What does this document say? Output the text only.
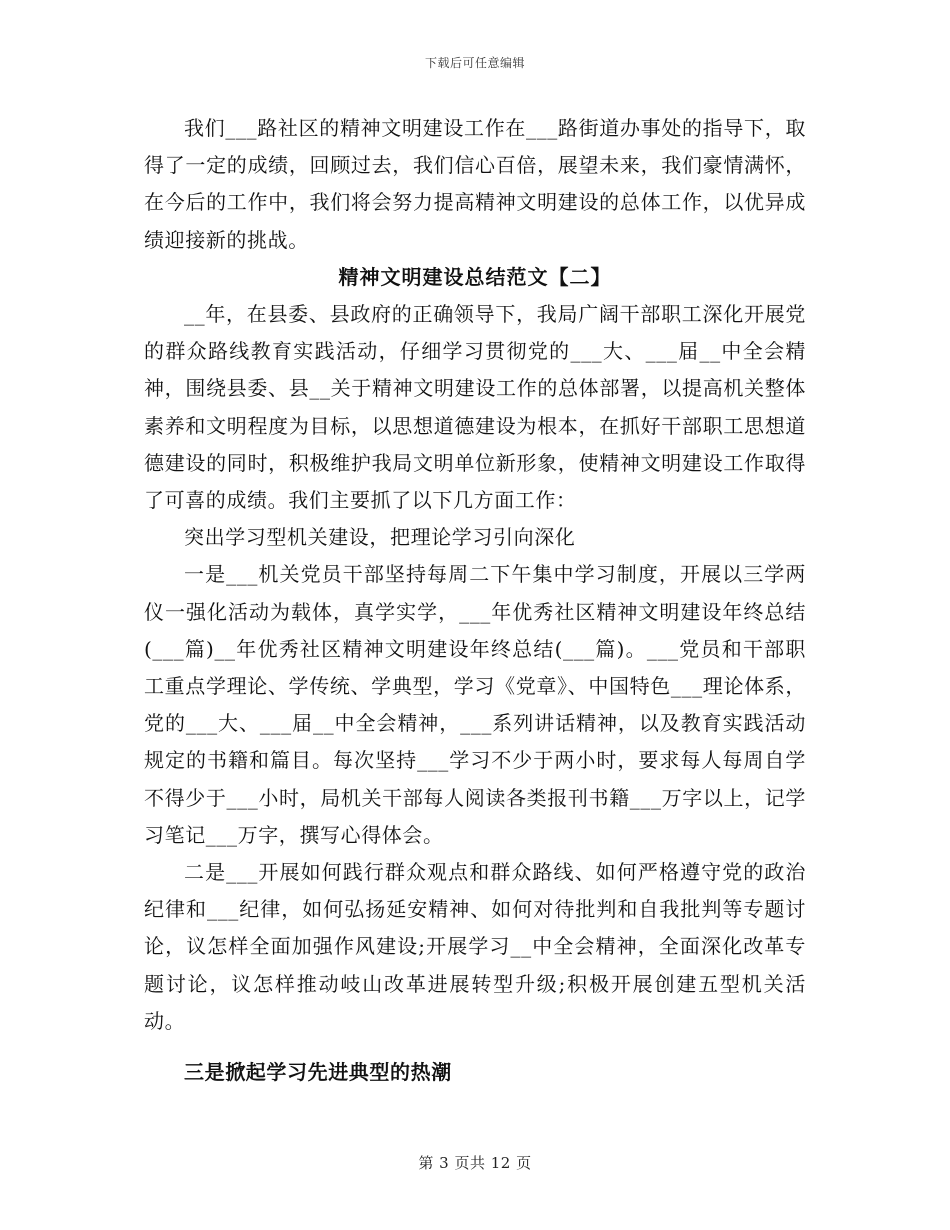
下载后可任意编辑

我们___路社区的精神文明建设工作在___路街道办事处的指导下，取得了一定的成绩，回顾过去，我们信心百倍，展望未来，我们豪情满怀，在今后的工作中，我们将会努力提高精神文明建设的总体工作，以优异成绩迎接新的挑战。

精神文明建设总结范文【二】

__年，在县委、县政府的正确领导下，我局广阔干部职工深化开展党的群众路线教育实践活动，仔细学习贯彻党的___大、___届__中全会精神，围绕县委、县__关于精神文明建设工作的总体部署，以提高机关整体素养和文明程度为目标，以思想道德建设为根本，在抓好干部职工思想道德建设的同时，积极维护我局文明单位新形象，使精神文明建设工作取得了可喜的成绩。我们主要抓了以下几方面工作：

突出学习型机关建设，把理论学习引向深化

一是___机关党员干部坚持每周二下午集中学习制度，开展以三学两仪一强化活动为载体，真学实学，___年优秀社区精神文明建设年终总结(___篇)__年优秀社区精神文明建设年终总结(___篇)。___党员和干部职工重点学理论、学传统、学典型，学习《党章》、中国特色___理论体系，党的___大、___届__中全会精神，___系列讲话精神，以及教育实践活动规定的书籍和篇目。每次坚持___学习不少于两小时，要求每人每周自学不得少于___小时，局机关干部每人阅读各类报刊书籍___万字以上，记学习笔记___万字，撰写心得体会。

二是___开展如何践行群众观点和群众路线、如何严格遵守党的政治纪律和___纪律，如何弘扬延安精神、如何对待批判和自我批判等专题讨论，议怎样全面加强作风建设;开展学习__中全会精神，全面深化改革专题讨论，议怎样推动岐山改革进展转型升级;积极开展创建五型机关活动。

三是掀起学习先进典型的热潮

第 3 页共 12 页
